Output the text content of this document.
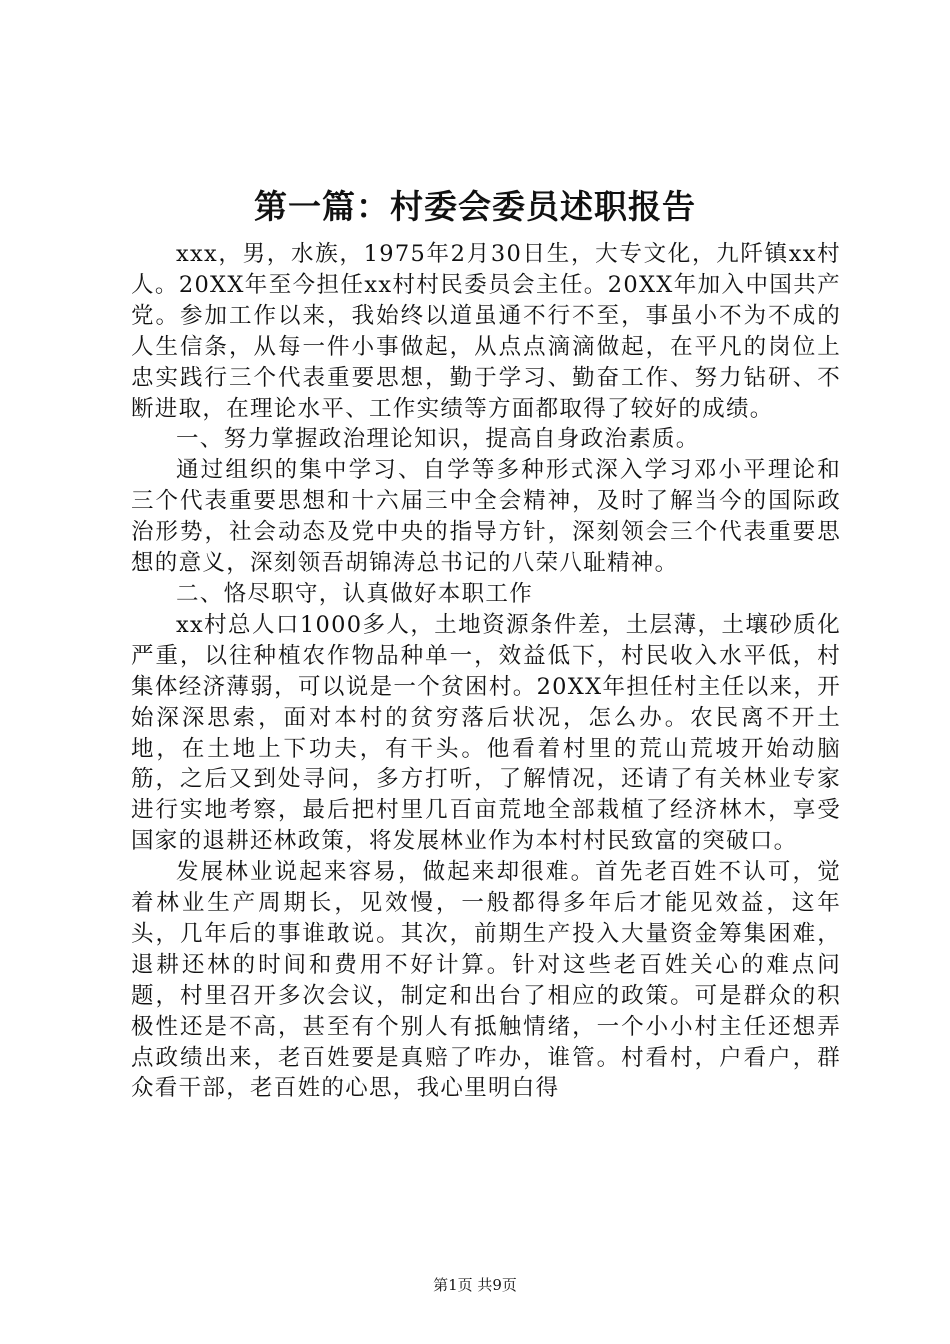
第一篇：村委会委员述职报告

xxx，男，水族，1975年2月30日生，大专文化，九阡镇xx村人。20XX年至今担任xx村村民委员会主任。20XX年加入中国共产党。参加工作以来，我始终以道虽通不行不至，事虽小不为不成的人生信条，从每一件小事做起，从点点滴滴做起，在平凡的岗位上忠实践行三个代表重要思想，勤于学习、勤奋工作、努力钻研、不断进取，在理论水平、工作实绩等方面都取得了较好的成绩。

一、努力掌握政治理论知识，提高自身政治素质。

通过组织的集中学习、自学等多种形式深入学习邓小平理论和三个代表重要思想和十六届三中全会精神，及时了解当今的国际政治形势，社会动态及党中央的指导方针，深刻领会三个代表重要思想的意义，深刻领吾胡锦涛总书记的八荣八耻精神。

二、恪尽职守，认真做好本职工作

xx村总人口1000多人，土地资源条件差，土层薄，土壤砂质化严重，以往种植农作物品种单一，效益低下，村民收入水平低，村集体经济薄弱，可以说是一个贫困村。20XX年担任村主任以来，开始深深思索，面对本村的贫穷落后状况，怎么办。农民离不开土地，在土地上下功夫，有干头。他看着村里的荒山荒坡开始动脑筋，之后又到处寻问，多方打听，了解情况，还请了有关林业专家进行实地考察，最后把村里几百亩荒地全部栽植了经济林木，享受国家的退耕还林政策，将发展林业作为本村村民致富的突破口。

发展林业说起来容易，做起来却很难。首先老百姓不认可，觉着林业生产周期长，见效慢，一般都得多年后才能见效益，这年头，几年后的事谁敢说。其次，前期生产投入大量资金筹集困难，退耕还林的时间和费用不好计算。针对这些老百姓关心的难点问题，村里召开多次会议，制定和出台了相应的政策。可是群众的积极性还是不高，甚至有个别人有抵触情绪，一个小小村主任还想弄点政绩出来，老百姓要是真赔了咋办，谁管。村看村，户看户，群众看干部，老百姓的心思，我心里明白得

第1页 共9页
